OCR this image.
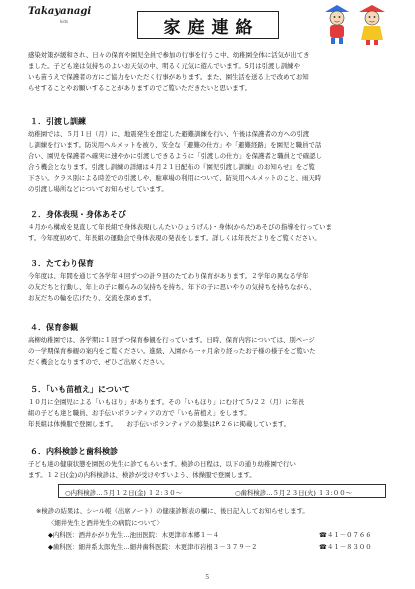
Takayanagi
kids	家庭連絡
感染対策が緩和され、日々の保育や園児全員で参加の行事を行うこ中、幼稚園全体に活気が出てき
ました。子ども達は気持ちのよいお天気の中、明るく元気に遊んでいます。5月は引渡し訓練や
いも苗うえで保護者の方にご協力をいただく行事があります。また、園生活を送る上で改めてお知
らせすることやお願いすることがありますのでご覧いただきたいと思います。
１．引渡し訓練
幼稚園では、５月１日（月）に、地震発生を想定した避難訓練を行い、午後は保護者の方への引渡
し訓練を行います。防災用ヘルメットを被り、安全な「避難の仕方」や「避難経路」を園児と職員で話
合い、園児を保護者へ確実に速やかに引渡しできるように「引渡しの仕方」を保護者と職員とで確認し
合う機会となります。引渡し訓練の詳細は４月２１日配布の『園児引渡し訓練』のお知らせ』をご覧
下さい。クラス別による時差での引渡しや、駐車場の利用について、防災用ヘルメットのこと、雨天時
の引渡し場所などについてお知らせしています。
２．身体表現・身体あそび
４月から構成を見直して年長組で身体表現(しんたいひょうげん)・身体(からだ)あそびの指導を行っていま
す。今年度初めて、年長組の運動会で身体表現の発表をします。詳しくは年長だよりをご覧ください。
３．たてわり保育
今年度は、年間を通じて各学年４回ずつの計９回のたてわり保育があります。２学年の異なる学年
の友だちと行動し、年上の子に頼らみの気持ちを持ち、年下の子に思いやりの気持ちを持ちながら、
お友だちの輪を広げたり、交流を深めます。
４．保育参観
高柳幼稚園では、各学期に１回ずつ保育参観を行っています。日時、保育内容については、別ページ
の一学期保育参観の案内をご覧ください。進級、入園から一ヶ月余り経ったお子様の様子をご覧いた
だく機会となりますので、ぜひご出席ください。
５．「いも苗植え」について
１０月に全園児による「いもほり」があります。その「いもほり」にむけて５/２２（月）に年長
組の子ども達と職員、お手伝いボランティアの方で「いも苗植え」をします。
年長組は体操服で登園します。　　お手伝いボランティアの募集はP.２６に掲載しています。
６．内科検診と歯科検診
子ども達の健康状態を園医の先生に診てもらいます。検診の日程は、以下の通り幼稚園で行い
ます。１２日(金)の内科検診は、検診が受けやすいよう、体操服で登園します。
○内科検診…５月１２日(金) １２:３０～	○歯科検診…５月２３日(火) １３:００～
※検診の結果は、シール帳（出席ノート）の健康診断表の欄に、後日記入してお知らせします。
〈細井先生と酒井先生の病院について〉
◆内科医：酒井かがり先生…池田医院：木更津市本郷１－４	☎４１－０７６６
◆歯科医：細井系太郎先生…細井歯科医院：木更津市岩根３－３７９－２	☎４１－８３００
５
